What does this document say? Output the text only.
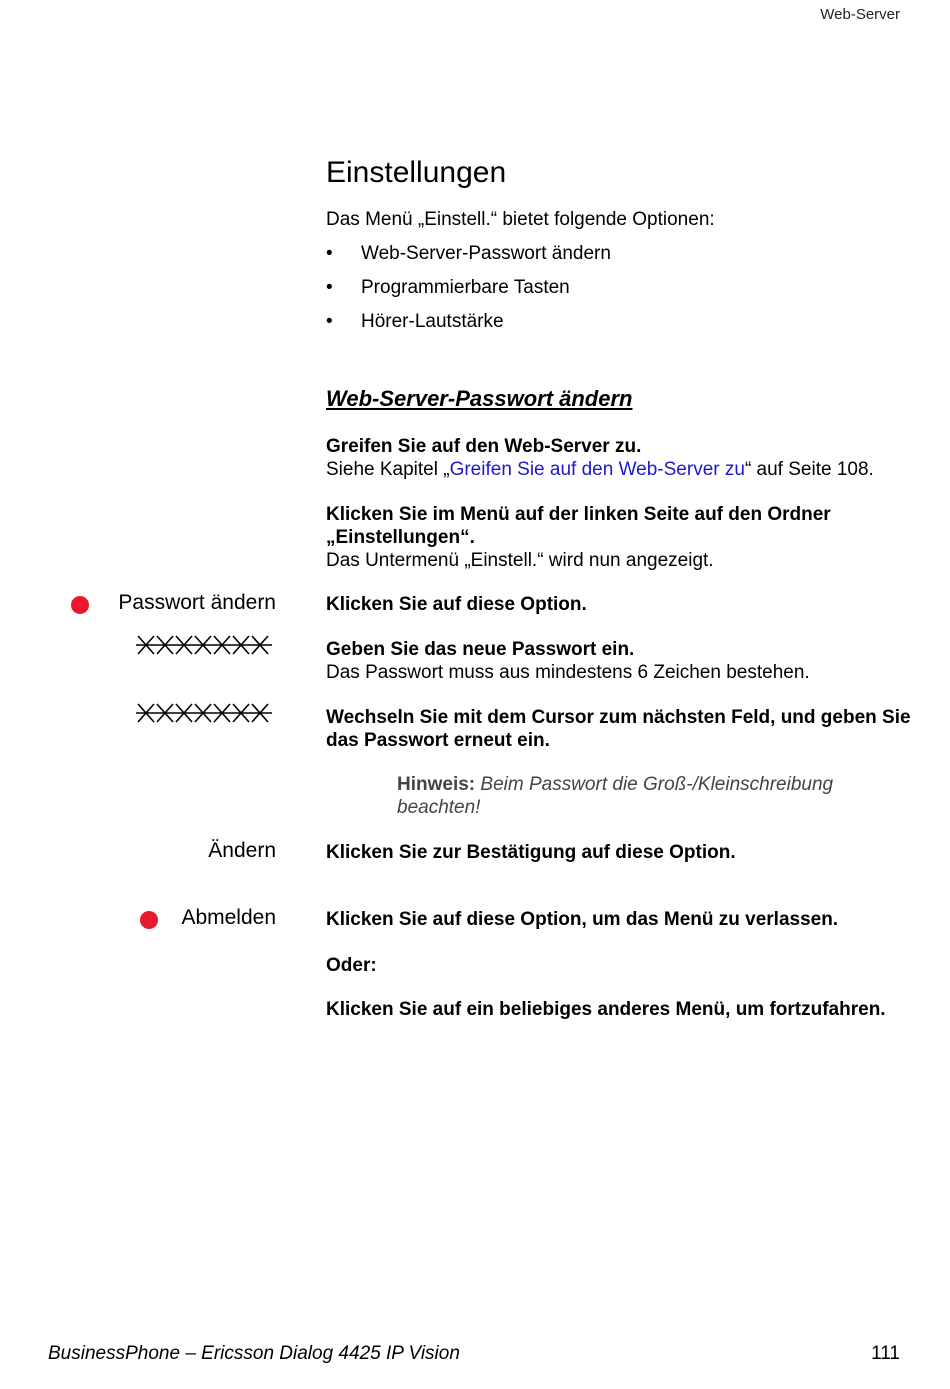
Web-Server
Einstellungen
Das Menü „Einstell.“ bietet folgende Optionen:
• Web-Server-Passwort ändern
• Programmierbare Tasten
• Hörer-Lautstärke
Web-Server-Passwort ändern
Greifen Sie auf den Web-Server zu.
Siehe Kapitel „Greifen Sie auf den Web-Server zu“ auf Seite 108.
Klicken Sie im Menü auf der linken Seite auf den Ordner „Einstellungen“.
Das Untermenü „Einstell.“ wird nun angezeigt.
Passwort ändern	Klicken Sie auf diese Option.
Geben Sie das neue Passwort ein.
Das Passwort muss aus mindestens 6 Zeichen bestehen.
Wechseln Sie mit dem Cursor zum nächsten Feld, und geben Sie das Passwort erneut ein.
Hinweis: Beim Passwort die Groß-/Kleinschreibung beachten!
Ändern	Klicken Sie zur Bestätigung auf diese Option.
Abmelden	Klicken Sie auf diese Option, um das Menü zu verlassen.
Oder:
Klicken Sie auf ein beliebiges anderes Menü, um fortzufahren.
BusinessPhone – Ericsson Dialog 4425 IP Vision	111
